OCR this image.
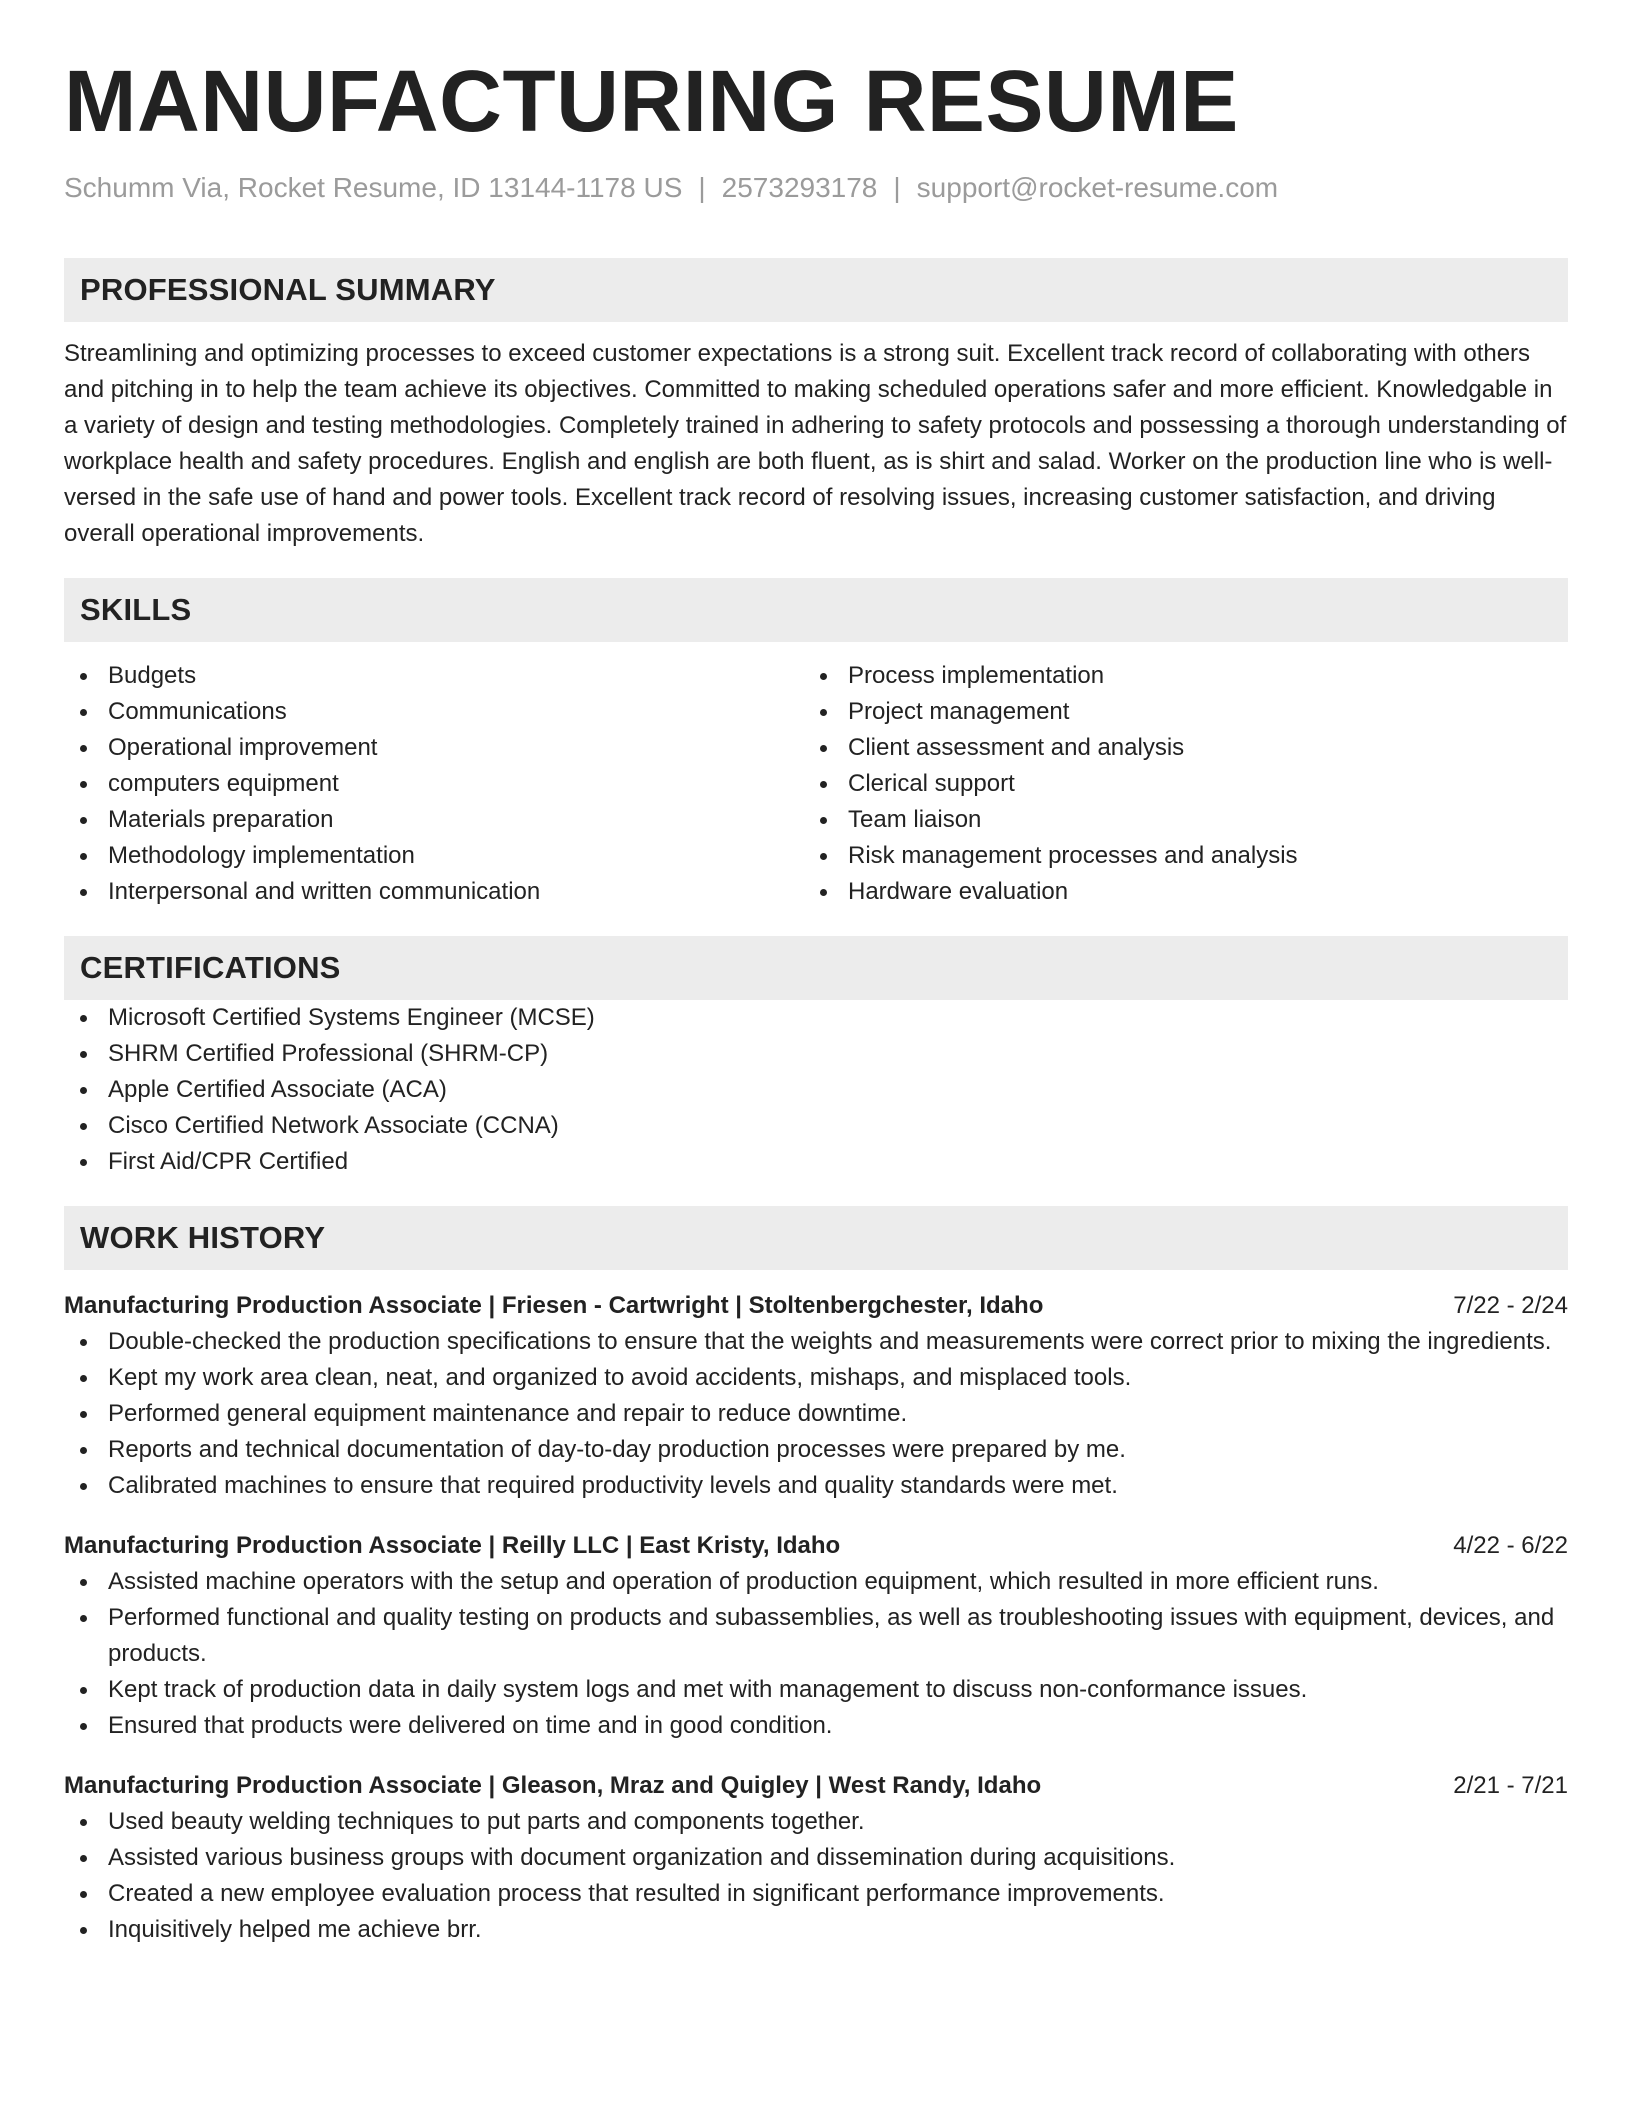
MANUFACTURING RESUME
Schumm Via, Rocket Resume, ID 13144-1178 US | 2573293178 | support@rocket-resume.com
PROFESSIONAL SUMMARY
Streamlining and optimizing processes to exceed customer expectations is a strong suit. Excellent track record of collaborating with others and pitching in to help the team achieve its objectives. Committed to making scheduled operations safer and more efficient. Knowledgable in a variety of design and testing methodologies. Completely trained in adhering to safety protocols and possessing a thorough understanding of workplace health and safety procedures. English and english are both fluent, as is shirt and salad. Worker on the production line who is well-versed in the safe use of hand and power tools. Excellent track record of resolving issues, increasing customer satisfaction, and driving overall operational improvements.
SKILLS
Budgets
Communications
Operational improvement
computers equipment
Materials preparation
Methodology implementation
Interpersonal and written communication
Process implementation
Project management
Client assessment and analysis
Clerical support
Team liaison
Risk management processes and analysis
Hardware evaluation
CERTIFICATIONS
Microsoft Certified Systems Engineer (MCSE)
SHRM Certified Professional (SHRM-CP)
Apple Certified Associate (ACA)
Cisco Certified Network Associate (CCNA)
First Aid/CPR Certified
WORK HISTORY
Manufacturing Production Associate | Friesen - Cartwright | Stoltenbergchester, Idaho	7/22 - 2/24
Double-checked the production specifications to ensure that the weights and measurements were correct prior to mixing the ingredients.
Kept my work area clean, neat, and organized to avoid accidents, mishaps, and misplaced tools.
Performed general equipment maintenance and repair to reduce downtime.
Reports and technical documentation of day-to-day production processes were prepared by me.
Calibrated machines to ensure that required productivity levels and quality standards were met.
Manufacturing Production Associate | Reilly LLC | East Kristy, Idaho	4/22 - 6/22
Assisted machine operators with the setup and operation of production equipment, which resulted in more efficient runs.
Performed functional and quality testing on products and subassemblies, as well as troubleshooting issues with equipment, devices, and products.
Kept track of production data in daily system logs and met with management to discuss non-conformance issues.
Ensured that products were delivered on time and in good condition.
Manufacturing Production Associate | Gleason, Mraz and Quigley | West Randy, Idaho	2/21 - 7/21
Used beauty welding techniques to put parts and components together.
Assisted various business groups with document organization and dissemination during acquisitions.
Created a new employee evaluation process that resulted in significant performance improvements.
Inquisitively helped me achieve brr.
